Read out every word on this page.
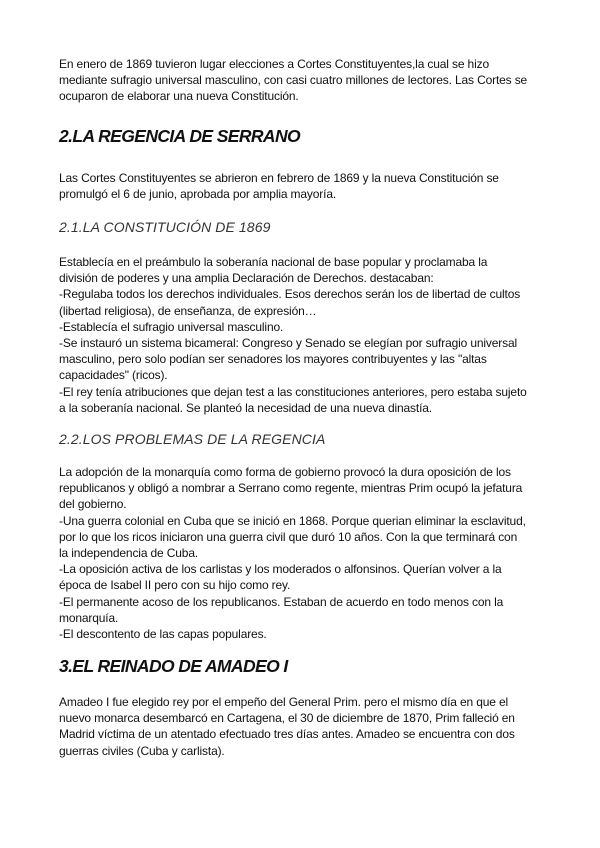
En enero de 1869 tuvieron lugar elecciones a Cortes Constituyentes,la cual se hizo
mediante sufragio universal masculino, con casi cuatro millones de lectores. Las Cortes se
ocuparon de elaborar una nueva Constitución.

2.LA REGENCIA DE SERRANO

Las Cortes Constituyentes se abrieron en febrero de 1869 y la nueva Constitución se
promulgó el 6 de junio, aprobada por amplia mayoría.

2.1.LA CONSTITUCIÓN DE 1869

Establecía en el preámbulo la soberanía nacional de base popular y proclamaba la
división de poderes y una amplia Declaración de Derechos. destacaban:
-Regulaba todos los derechos individuales. Esos derechos serán los de libertad de cultos
(libertad religiosa), de enseñanza, de expresión…
-Establecía el sufragio universal masculino.
-Se instauró un sistema bicameral: Congreso y Senado se elegían por sufragio universal
masculino, pero solo podían ser senadores los mayores contribuyentes y las "altas
capacidades" (ricos).
-El rey tenía atribuciones que dejan test a las constituciones anteriores, pero estaba sujeto
a la soberanía nacional. Se planteó la necesidad de una nueva dinastía.

2.2.LOS PROBLEMAS DE LA REGENCIA

La adopción de la monarquía como forma de gobierno provocó la dura oposición de los
republicanos y obligó a nombrar a Serrano como regente, mientras Prim ocupó la jefatura
del gobierno.
-Una guerra colonial en Cuba que se inició en 1868. Porque querian eliminar la esclavitud,
por lo que los ricos iniciaron una guerra civil que duró 10 años. Con la que terminará con
la independencia de Cuba.
-La oposición activa de los carlistas y los moderados o alfonsinos. Querían volver a la
época de Isabel II pero con su hijo como rey.
-El permanente acoso de los republicanos. Estaban de acuerdo en todo menos con la
monarquía.
-El descontento de las capas populares.

3.EL REINADO DE AMADEO I

Amadeo I fue elegido rey por el empeño del General Prim. pero el mismo día en que el
nuevo monarca desembarcó en Cartagena, el 30 de diciembre de 1870, Prim falleció en
Madrid víctima de un atentado efectuado tres días antes. Amadeo se encuentra con dos
guerras civiles (Cuba y carlista).
